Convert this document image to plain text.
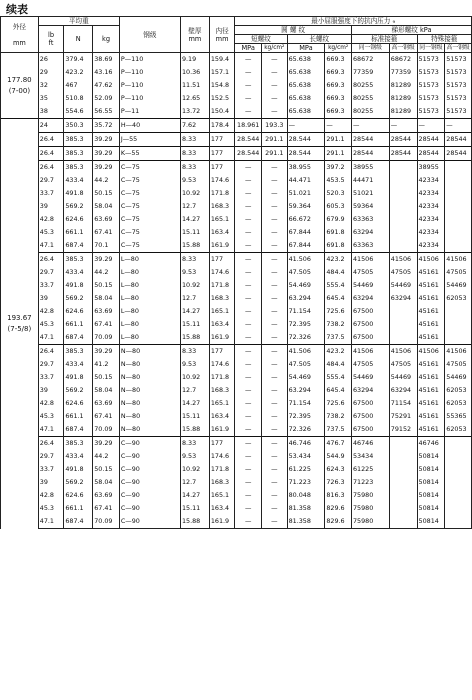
续表
外径

mm	平均重			钢级	壁厚
mm	内径
mm	最小屈服强度下的抗内压力 ₉							
	lb
ft	N	kg				圆 螺 纹				梯形螺纹 kPa			
							短螺纹		长螺纹		标准接箍		特殊接箍	
							MPa	kg/cm²	MPa	kg/cm²	同一钢级	高一钢级	同一钢级	高一钢级
177.80 (7-00)	26	379.4	38.69	P—110	9.19	159.4	—	—	65.638	669.3	68672	68672	51573	51573
	29	423.2	43.16	P—110	10.36	157.1	—	—	65.638	669.3	77359	77359	51573	51573
	32	467	47.62	P—110	11.51	154.8	—	—	65.638	669.3	80255	81289	51573	51573
	35	510.8	52.09	P—110	12.65	152.5	—	—	65.638	669.3	80255	81289	51573	51573
	38	554.6	56.55	P—11	13.72	150.4	—	—	65.638	669.3	80255	81289	51573	51573
193.67 (7-5/8)	24	350.3	35.72	H—40	7.62	178.4	18.961	193.3	—	—	—	—	—	—
	26.4	385.3	39.29	J—55	8.33	177	28.544	291.1	28.544	291.1	28544	28544	28544	28544
	26.4	385.3	39.29	K—55	8.33	177	28.544	291.1	28.544	291.1	28544	28544	28544	28544
	26.4	385.3	39.29	C—75	8.33	177	—	—	38.955	397.2	38955		38955	
	29.7	433.4	44.2	C—75	9.53	174.6	—	—	44.471	453.5	44471		42334	
	33.7	491.8	50.15	C—75	10.92	171.8	—	—	51.021	520.3	51021		42334	
	39	569.2	58.04	C—75	12.7	168.3	—	—	59.364	605.3	59364		42334	
	42.8	624.6	63.69	C—75	14.27	165.1	—	—	66.672	679.9	63363		42334	
	45.3	661.1	67.41	C—75	15.11	163.4	—	—	67.844	691.8	63294		42334	
	47.1	687.4	70.1	C—75	15.88	161.9	—	—	67.844	691.8	63363		42334	
	26.4	385.3	39.29	L—80	8.33	177	—	—	41.506	423.2	41506	41506	41506	41506
	29.7	433.4	44.2	L—80	9.53	174.6	—	—	47.505	484.4	47505	47505	45161	47505
	33.7	491.8	50.15	L—80	10.92	171.8	—	—	54.469	555.4	54469	54469	45161	54469
	39	569.2	58.04	L—80	12.7	168.3	—	—	63.294	645.4	63294	63294	45161	62053
	42.8	624.6	63.69	L—80	14.27	165.1	—	—	71.154	725.6	67500		45161	
	45.3	661.1	67.41	L—80	15.11	163.4	—	—	72.395	738.2	67500		45161	
	47.1	687.4	70.09	L—80	15.88	161.9	—	—	72.326	737.5	67500		45161	
	26.4	385.3	39.29	N—80	8.33	177	—	—	41.506	423.2	41506	41506	41506	41506
	29.7	433.4	41.2	N—80	9.53	174.6	—	—	47.505	484.4	47505	47505	45161	47505
	33.7	491.8	50.15	N—80	10.92	171.8	—	—	54.469	555.4	54469	54469	45161	54469
	39	569.2	58.04	N—80	12.7	168.3	—	—	63.294	645.4	63294	63294	45161	62053
	42.8	624.6	63.69	N—80	14.27	165.1	—	—	71.154	725.6	67500	71154	45161	62053
	45.3	661.1	67.41	N—80	15.11	163.4	—	—	72.395	738.2	67500	75291	45161	55365
	47.1	687.4	70.09	N—80	15.88	161.9	—	—	72.326	737.5	67500	79152	45161	62053
	26.4	385.3	39.29	C—90	8.33	177	—	—	46.746	476.7	46746		46746	
	29.7	433.4	44.2	C—90	9.53	174.6	—	—	53.434	544.9	53434		50814	
	33.7	491.8	50.15	C—90	10.92	171.8	—	—	61.225	624.3	61225		50814	
	39	569.2	58.04	C—90	12.7	168.3	—	—	71.223	726.3	71223		50814	
	42.8	624.6	63.69	C—90	14.27	165.1	—	—	80.048	816.3	75980		50814	
	45.3	661.1	67.41	C—90	15.11	163.4	—	—	81.358	829.6	75980		50814	
	47.1	687.4	70.09	C—90	15.88	161.9	—	—	81.358	829.6	75980		50814	
